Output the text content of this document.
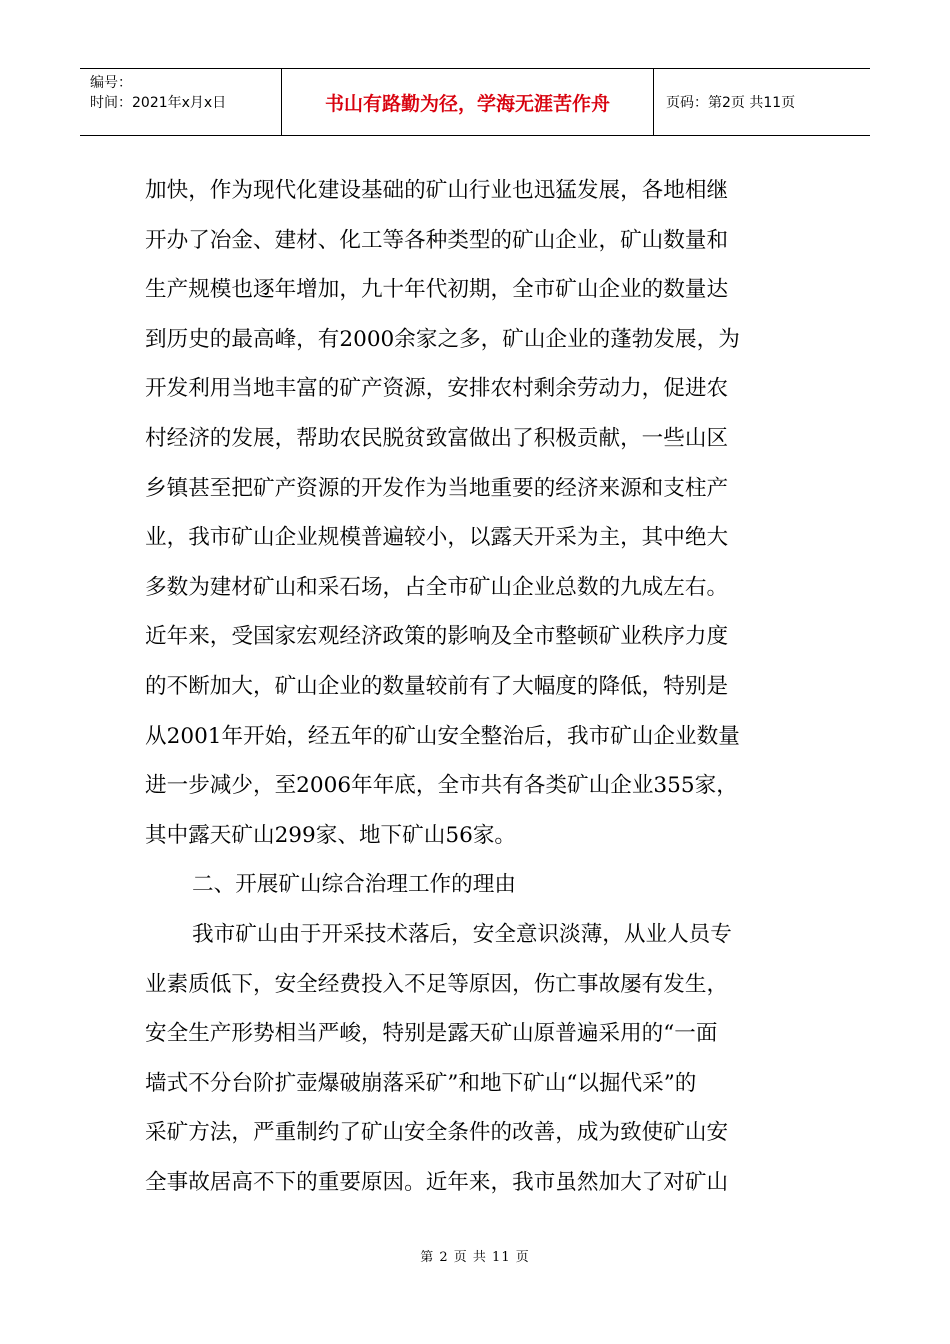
编号：
时间：2021年x月x日	书山有路勤为径，学海无涯苦作舟	页码：第2页 共11页
加快，作为现代化建设基础的矿山行业也迅猛发展，各地相继
开办了冶金、建材、化工等各种类型的矿山企业，矿山数量和
生产规模也逐年增加，九十年代初期，全市矿山企业的数量达
到历史的最高峰，有2000余家之多，矿山企业的蓬勃发展，为
开发利用当地丰富的矿产资源，安排农村剩余劳动力，促进农
村经济的发展，帮助农民脱贫致富做出了积极贡献，一些山区
乡镇甚至把矿产资源的开发作为当地重要的经济来源和支柱产
业，我市矿山企业规模普遍较小，以露天开采为主，其中绝大
多数为建材矿山和采石场，占全市矿山企业总数的九成左右。
近年来，受国家宏观经济政策的影响及全市整顿矿业秩序力度
的不断加大，矿山企业的数量较前有了大幅度的降低，特别是
从2001年开始，经五年的矿山安全整治后，我市矿山企业数量
进一步减少，至2006年年底，全市共有各类矿山企业355家，
其中露天矿山299家、地下矿山56家。
二、开展矿山综合治理工作的理由
我市矿山由于开采技术落后，安全意识淡薄，从业人员专
业素质低下，安全经费投入不足等原因，伤亡事故屡有发生，
安全生产形势相当严峻，特别是露天矿山原普遍采用的“一面
墙式不分台阶扩壶爆破崩落采矿”和地下矿山“以掘代采”的
采矿方法，严重制约了矿山安全条件的改善，成为致使矿山安
全事故居高不下的重要原因。近年来，我市虽然加大了对矿山
第 2 页 共 11 页
